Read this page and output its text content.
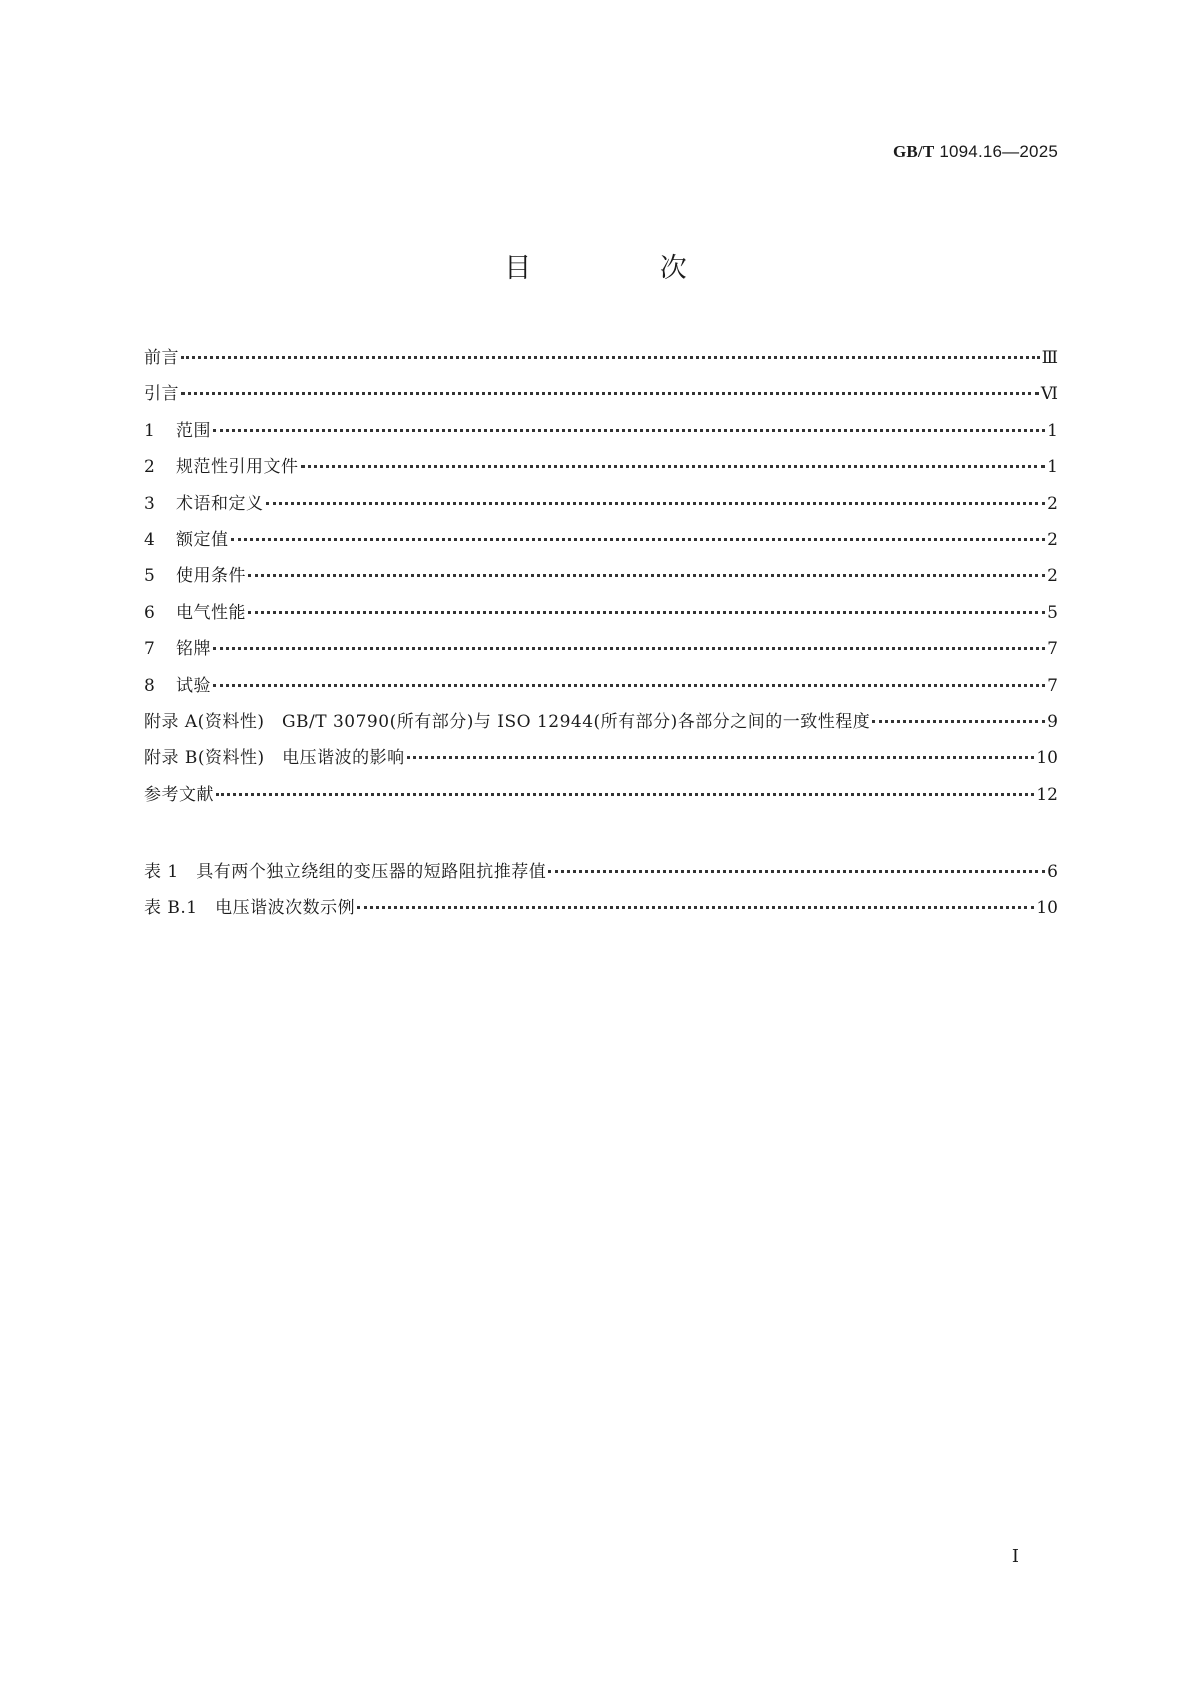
GB/T 1094.16—2025
目 次
前言	Ⅲ
引言	Ⅵ
1	范围	1
2	规范性引用文件	1
3	术语和定义	2
4	额定值	2
5	使用条件	2
6	电气性能	5
7	铭牌	7
8	试验	7
附录 A(资料性)　GB/T 30790(所有部分)与 ISO 12944(所有部分)各部分之间的一致性程度	9
附录 B(资料性)　电压谐波的影响	10
参考文献	12
表 1　具有两个独立绕组的变压器的短路阻抗推荐值	6
表 B.1　电压谐波次数示例	10
I
